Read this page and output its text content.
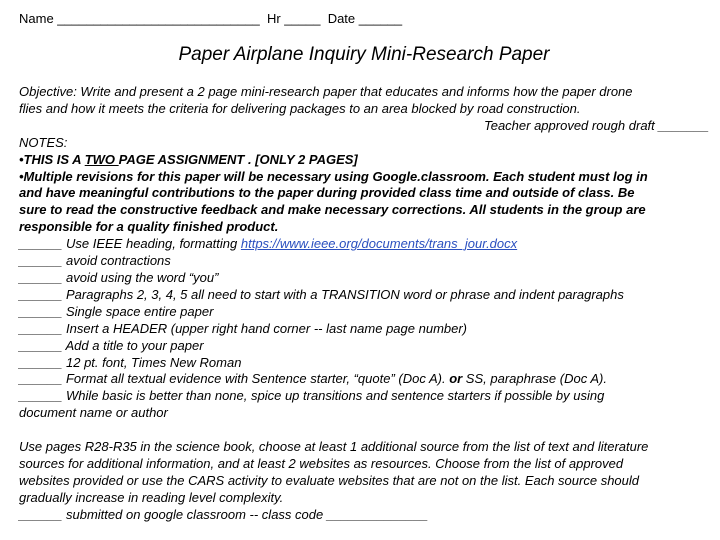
Name ____________________________ Hr _____ Date ______
Paper Airplane Inquiry Mini-Research Paper
Objective: Write and present a 2 page mini-research paper that educates and informs how the paper drone
flies and how it meets the criteria for delivering packages to an area blocked by road construction.
Teacher approved rough draft _______
NOTES:
•THIS IS A TWO PAGE ASSIGNMENT . [ONLY 2 PAGES]
•Multiple revisions for this paper will be necessary using Google.classroom. Each student must log in
and have meaningful contributions to the paper during provided class time and outside of class. Be
sure to read the constructive feedback and make necessary corrections. All students in the group are
responsible for a quality finished product.
______ Use IEEE heading, formatting https://www.ieee.org/documents/trans_jour.docx
______ avoid contractions
______ avoid using the word “you”
______ Paragraphs 2, 3, 4, 5 all need to start with a TRANSITION word or phrase and indent paragraphs
______ Single space entire paper
______ Insert a HEADER (upper right hand corner -- last name page number)
______ Add a title to your paper
______ 12 pt. font, Times New Roman
______ Format all textual evidence with Sentence starter, “quote” (Doc A). or SS, paraphrase (Doc A).
______ While basic is better than none, spice up transitions and sentence starters if possible by using
document name or author
Use pages R28-R35 in the science book, choose at least 1 additional source from the list of text and literature
sources for additional information, and at least 2 websites as resources. Choose from the list of approved
websites provided or use the CARS activity to evaluate websites that are not on the list. Each source should
gradually increase in reading level complexity.
______ submitted on google classroom -- class code ______________
